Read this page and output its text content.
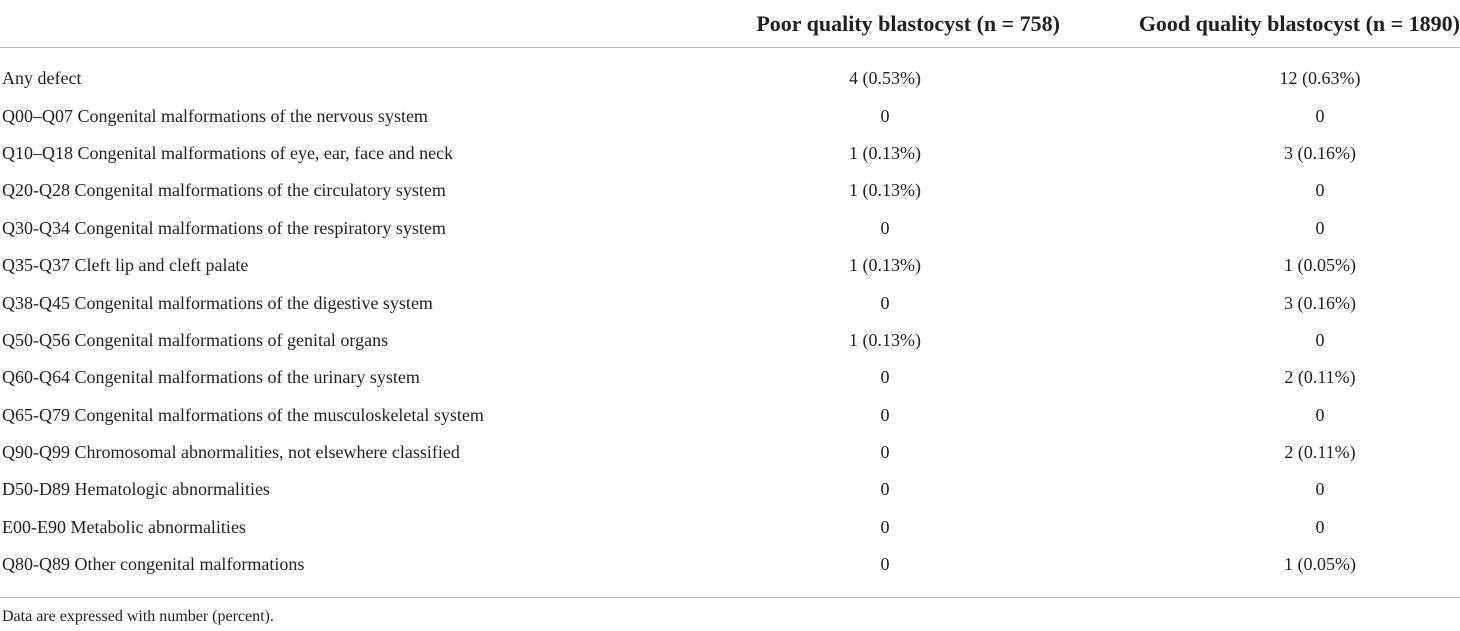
	Poor quality blastocyst (n = 758)	Good quality blastocyst (n = 1890)
Any defect	4 (0.53%)	12 (0.63%)
Q00–Q07 Congenital malformations of the nervous system	0	0
Q10–Q18 Congenital malformations of eye, ear, face and neck	1 (0.13%)	3 (0.16%)
Q20-Q28 Congenital malformations of the circulatory system	1 (0.13%)	0
Q30-Q34 Congenital malformations of the respiratory system	0	0
Q35-Q37 Cleft lip and cleft palate	1 (0.13%)	1 (0.05%)
Q38-Q45 Congenital malformations of the digestive system	0	3 (0.16%)
Q50-Q56 Congenital malformations of genital organs	1 (0.13%)	0
Q60-Q64 Congenital malformations of the urinary system	0	2 (0.11%)
Q65-Q79 Congenital malformations of the musculoskeletal system	0	0
Q90-Q99 Chromosomal abnormalities, not elsewhere classified	0	2 (0.11%)
D50-D89 Hematologic abnormalities	0	0
E00-E90 Metabolic abnormalities	0	0
Q80-Q89 Other congenital malformations	0	1 (0.05%)
Data are expressed with number (percent).
